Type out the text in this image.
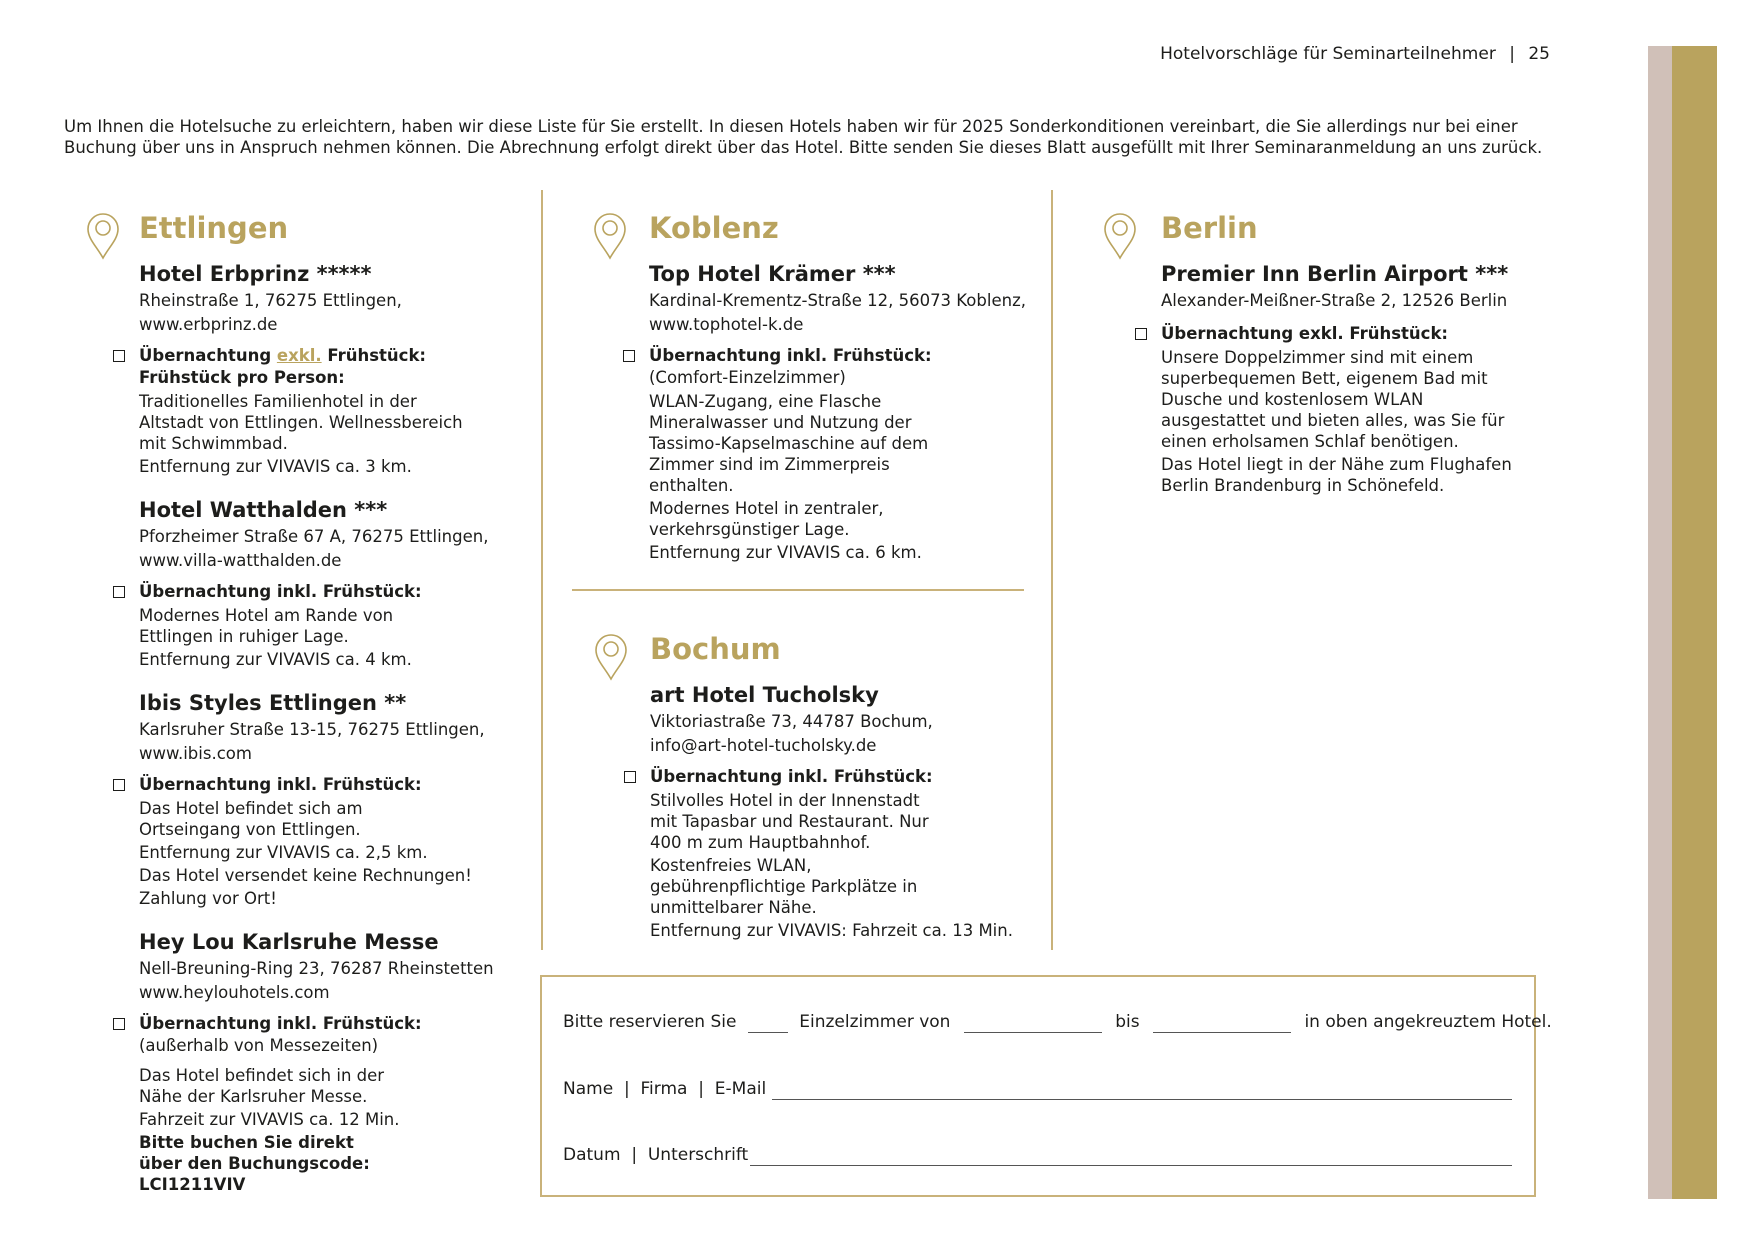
Hotelvorschläge für Seminarteilnehmer | 25
Um Ihnen die Hotelsuche zu erleichtern, haben wir diese Liste für Sie erstellt. In diesen Hotels haben wir für 2025 Sonderkonditionen vereinbart, die Sie allerdings nur bei einer Buchung über uns in Anspruch nehmen können. Die Abrechnung erfolgt direkt über das Hotel. Bitte senden Sie dieses Blatt ausgefüllt mit Ihrer Seminaranmeldung an uns zurück.
Ettlingen
Hotel Erbprinz *****
Rheinstraße 1, 76275 Ettlingen,
www.erbprinz.de
Übernachtung exkl. Frühstück:
Frühstück pro Person:
Traditionelles Familienhotel in der Altstadt von Ettlingen. Wellnessbereich mit Schwimmbad.
Entfernung zur VIVAVIS ca. 3 km.
Hotel Watthalden ***
Pforzheimer Straße 67 A, 76275 Ettlingen,
www.villa-watthalden.de
Übernachtung inkl. Frühstück:
Modernes Hotel am Rande von Ettlingen in ruhiger Lage.
Entfernung zur VIVAVIS ca. 4 km.
Ibis Styles Ettlingen **
Karlsruher Straße 13-15, 76275 Ettlingen,
www.ibis.com
Übernachtung inkl. Frühstück:
Das Hotel befindet sich am Ortseingang von Ettlingen.
Entfernung zur VIVAVIS ca. 2,5 km.
Das Hotel versendet keine Rechnungen!
Zahlung vor Ort!
Hey Lou Karlsruhe Messe
Nell-Breuning-Ring 23, 76287 Rheinstetten
www.heylouhotels.com
Übernachtung inkl. Frühstück:
(außerhalb von Messezeiten)
Das Hotel befindet sich in der Nähe der Karlsruher Messe.
Fahrzeit zur VIVAVIS ca. 12 Min.
Bitte buchen Sie direkt über den Buchungscode: LCI1211VIV
Koblenz
Top Hotel Krämer ***
Kardinal-Krementz-Straße 12, 56073 Koblenz,
www.tophotel-k.de
Übernachtung inkl. Frühstück:
(Comfort-Einzelzimmer)
WLAN-Zugang, eine Flasche Mineralwasser und Nutzung der Tassimo-Kapselmaschine auf dem Zimmer sind im Zimmerpreis enthalten.
Modernes Hotel in zentraler, verkehrsgünstiger Lage.
Entfernung zur VIVAVIS ca. 6 km.
Bochum
art Hotel Tucholsky
Viktoriastraße 73, 44787 Bochum,
info@art-hotel-tucholsky.de
Übernachtung inkl. Frühstück:
Stilvolles Hotel in der Innenstadt mit Tapasbar und Restaurant. Nur 400 m zum Hauptbahnhof.
Kostenfreies WLAN, gebührenpflichtige Parkplätze in unmittelbarer Nähe.
Entfernung zur VIVAVIS: Fahrzeit ca. 13 Min.
Berlin
Premier Inn Berlin Airport ***
Alexander-Meißner-Straße 2, 12526 Berlin
Übernachtung exkl. Frühstück:
Unsere Doppelzimmer sind mit einem superbequemen Bett, eigenem Bad mit Dusche und kostenlosem WLAN ausgestattet und bieten alles, was Sie für einen erholsamen Schlaf benötigen.
Das Hotel liegt in der Nähe zum Flughafen Berlin Brandenburg in Schönefeld.
Bitte reservieren Sie	Einzelzimmer von	bis	in oben angekreuztem Hotel.
Name  |  Firma  |  E-Mail
Datum  |  Unterschrift
